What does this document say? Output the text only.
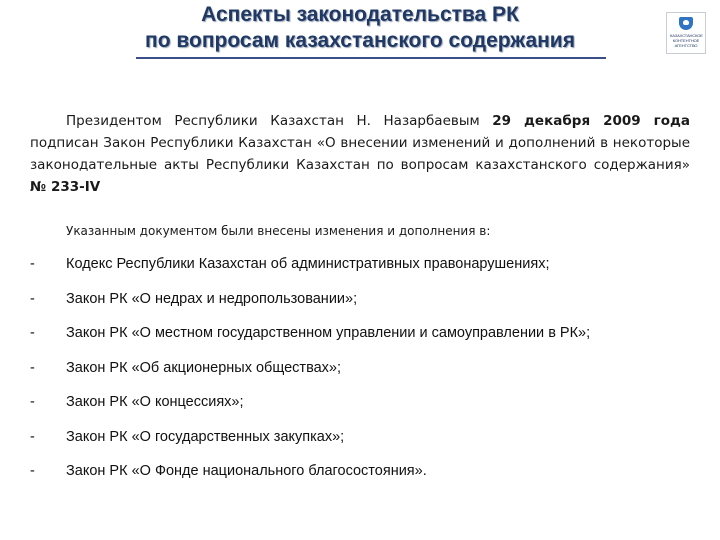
Аспекты законодательства РК
по вопросам казахстанского содержания	КАЗАХСТАНСКОЕ
КОНТЕНТНОЕ
АГЕНТСТВО
Президентом Республики Казахстан Н. Назарбаевым 29 декабря 2009 года подписан Закон Республики Казахстан «О внесении изменений и дополнений в некоторые законодательные акты Республики Казахстан по вопросам казахстанского содержания» № 233-IV
Указанным документом были внесены изменения и дополнения в:
-	Кодекс Республики Казахстан об административных правонарушениях;
-	Закон РК «О недрах и недропользовании»;
-	Закон РК «О местном государственном управлении и самоуправлении в РК»;
-	Закон РК «Об акционерных обществах»;
-	Закон РК «О концессиях»;
-	Закон РК «О государственных закупках»;
-	Закон РК «О Фонде национального благосостояния».
